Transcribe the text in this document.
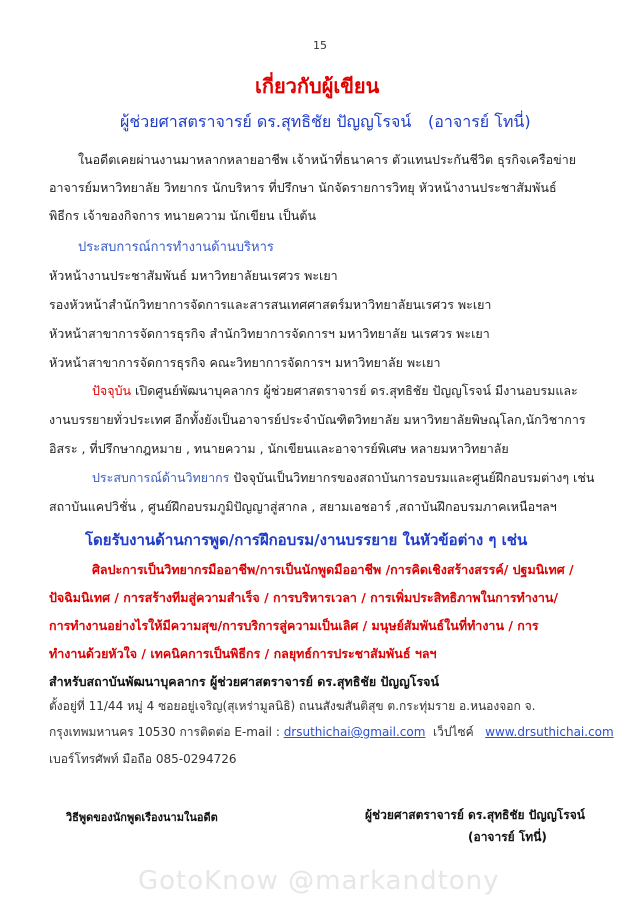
15
เกี่ยวกับผู้เขียน
ผู้ช่วยศาสตราจารย์ ดร.สุทธิชัย ปัญญโรจน์ (อาจารย์ โทนี่)
ในอดีตเคยผ่านงานมาหลากหลายอาชีพ เจ้าหน้าที่ธนาคาร ตัวแทนประกันชีวิต ธุรกิจเครือข่าย
อาจารย์มหาวิทยาลัย วิทยากร นักบริหาร ที่ปรึกษา นักจัดรายการวิทยุ หัวหน้างานประชาสัมพันธ์
พิธีกร เจ้าของกิจการ ทนายความ นักเขียน เป็นต้น
ประสบการณ์การทำงานด้านบริหาร
หัวหน้างานประชาสัมพันธ์ มหาวิทยาลัยนเรศวร พะเยา
รองหัวหน้าสำนักวิทยาการจัดการและสารสนเทศศาสตร์มหาวิทยาลัยนเรศวร พะเยา
หัวหน้าสาขาการจัดการธุรกิจ สำนักวิทยาการจัดการฯ มหาวิทยาลัย นเรศวร พะเยา
หัวหน้าสาขาการจัดการธุรกิจ คณะวิทยาการจัดการฯ มหาวิทยาลัย พะเยา
ปัจจุบัน เปิดศูนย์พัฒนาบุคลากร ผู้ช่วยศาสตราจารย์ ดร.สุทธิชัย ปัญญโรจน์ มีงานอบรมและ
งานบรรยายทั่วประเทศ อีกทั้งยังเป็นอาจารย์ประจำบัณฑิตวิทยาลัย มหาวิทยาลัยพิษณุโลก,นักวิชาการ
อิสระ , ที่ปรึกษากฎหมาย , ทนายความ , นักเขียนและอาจารย์พิเศษ หลายมหาวิทยาลัย
ประสบการณ์ด้านวิทยากร ปัจจุบันเป็นวิทยากรของสถาบันการอบรมและศูนย์ฝึกอบรมต่างๆ เช่น
สถาบันแคปวิชั่น , ศูนย์ฝึกอบรมภูมิปัญญาสู่สากล , สยามเอชอาร์ ,สถาบันฝึกอบรมภาคเหนือฯลฯ
โดยรับงานด้านการพูด/การฝึกอบรม/งานบรรยาย ในหัวข้อต่าง ๆ เช่น
ศิลปะการเป็นวิทยากรมืออาชีพ/การเป็นนักพูดมืออาชีพ /การคิดเชิงสร้างสรรค์/ ปฐมนิเทศ /
ปัจฉิมนิเทศ / การสร้างทีมสู่ความสำเร็จ / การบริหารเวลา / การเพิ่มประสิทธิภาพในการทำงาน/
การทำงานอย่างไรให้มีความสุข/การบริการสู่ความเป็นเลิศ / มนุษย์สัมพันธ์ในที่ทำงาน / การ
ทำงานด้วยหัวใจ / เทคนิคการเป็นพิธีกร / กลยุทธ์การประชาสัมพันธ์ ฯลฯ
สำหรับสถาบันพัฒนาบุคลากร ผู้ช่วยศาสตราจารย์ ดร.สุทธิชัย ปัญญโรจน์
ตั้งอยู่ที่ 11/44 หมู่ 4 ซอยอยู่เจริญ(สุเหร่ามูลนิธิ) ถนนสังฆสันติสุข ต.กระทุ่มราย อ.หนองจอก จ.
กรุงเทพมหานคร 10530 การติดต่อ E-mail : drsuthichai@gmail.com  เว็ปไซค์   www.drsuthichai.com
เบอร์โทรศัพท์ มือถือ 085-0294726
วิธีพูดของนักพูดเรืองนามในอดีต	ผู้ช่วยศาสตราจารย์ ดร.สุทธิชัย ปัญญโรจน์
(อาจารย์ โทนี่)
GotoKnow @markandtony
